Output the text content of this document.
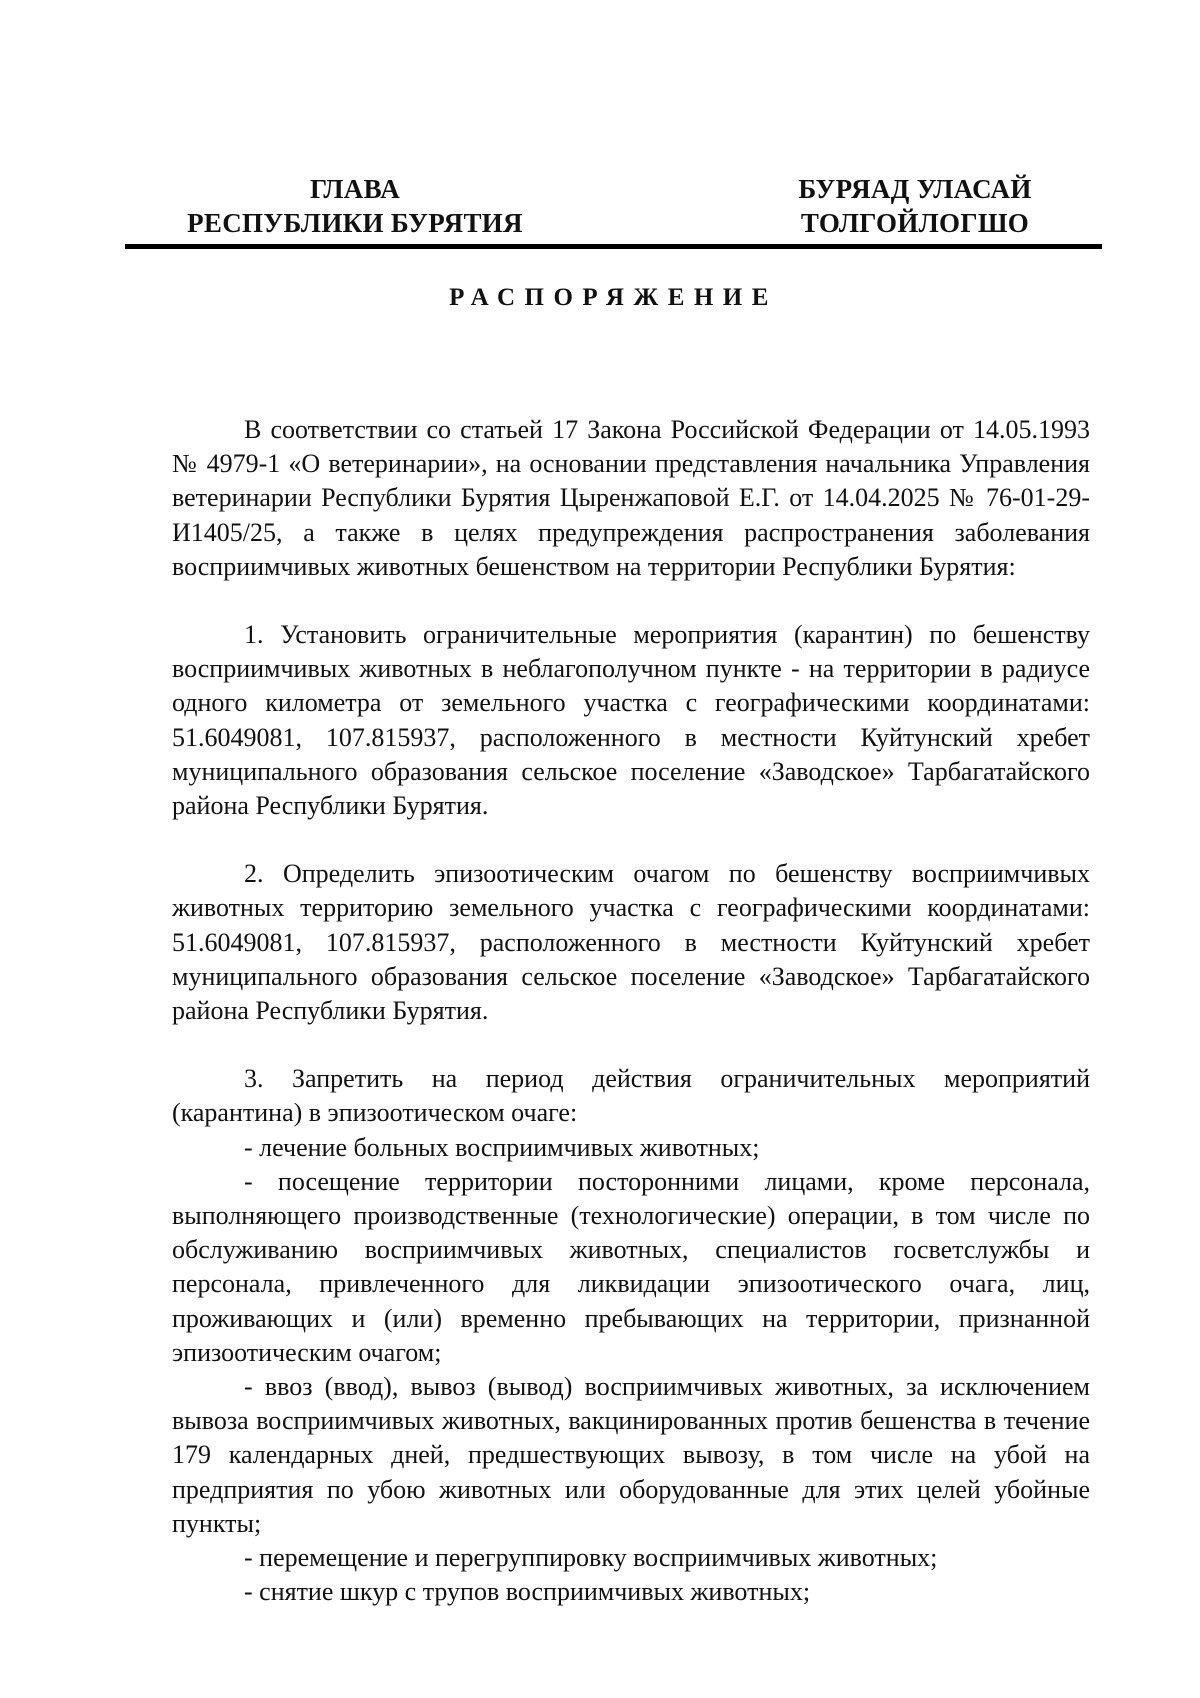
ГЛАВА
РЕСПУБЛИКИ БУРЯТИЯ
БУРЯАД УЛАСАЙ
ТОЛГОЙЛОГШО
РАСПОРЯЖЕНИЕ

В соответствии со статьей 17 Закона Российской Федерации от 14.05.1993 № 4979-1 «О ветеринарии», на основании представления начальника Управления ветеринарии Республики Бурятия Цыренжаповой Е.Г. от 14.04.2025 № 76-01-29-И1405/25, а также в целях предупреждения распространения заболевания восприимчивых животных бешенством на территории Республики Бурятия:

1. Установить ограничительные мероприятия (карантин) по бешенству восприимчивых животных в неблагополучном пункте - на территории в радиусе одного километра от земельного участка с географическими координатами: 51.6049081, 107.815937, расположенного в местности Куйтунский хребет муниципального образования сельское поселение «Заводское» Тарбагатайского района Республики Бурятия.

2. Определить эпизоотическим очагом по бешенству восприимчивых животных территорию земельного участка с географическими координатами: 51.6049081, 107.815937, расположенного в местности Куйтунский хребет муниципального образования сельское поселение «Заводское» Тарбагатайского района Республики Бурятия.

3. Запретить на период действия ограничительных мероприятий (карантина) в эпизоотическом очаге:

- лечение больных восприимчивых животных;

- посещение территории посторонними лицами, кроме персонала, выполняющего производственные (технологические) операции, в том числе по обслуживанию восприимчивых животных, специалистов госветслужбы и персонала, привлеченного для ликвидации эпизоотического очага, лиц, проживающих и (или) временно пребывающих на территории, признанной эпизоотическим очагом;

- ввоз (ввод), вывоз (вывод) восприимчивых животных, за исключением вывоза восприимчивых животных, вакцинированных против бешенства в течение 179 календарных дней, предшествующих вывозу, в том числе на убой на предприятия по убою животных или оборудованные для этих целей убойные пункты;

- перемещение и перегруппировку восприимчивых животных;

- снятие шкур с трупов восприимчивых животных;
